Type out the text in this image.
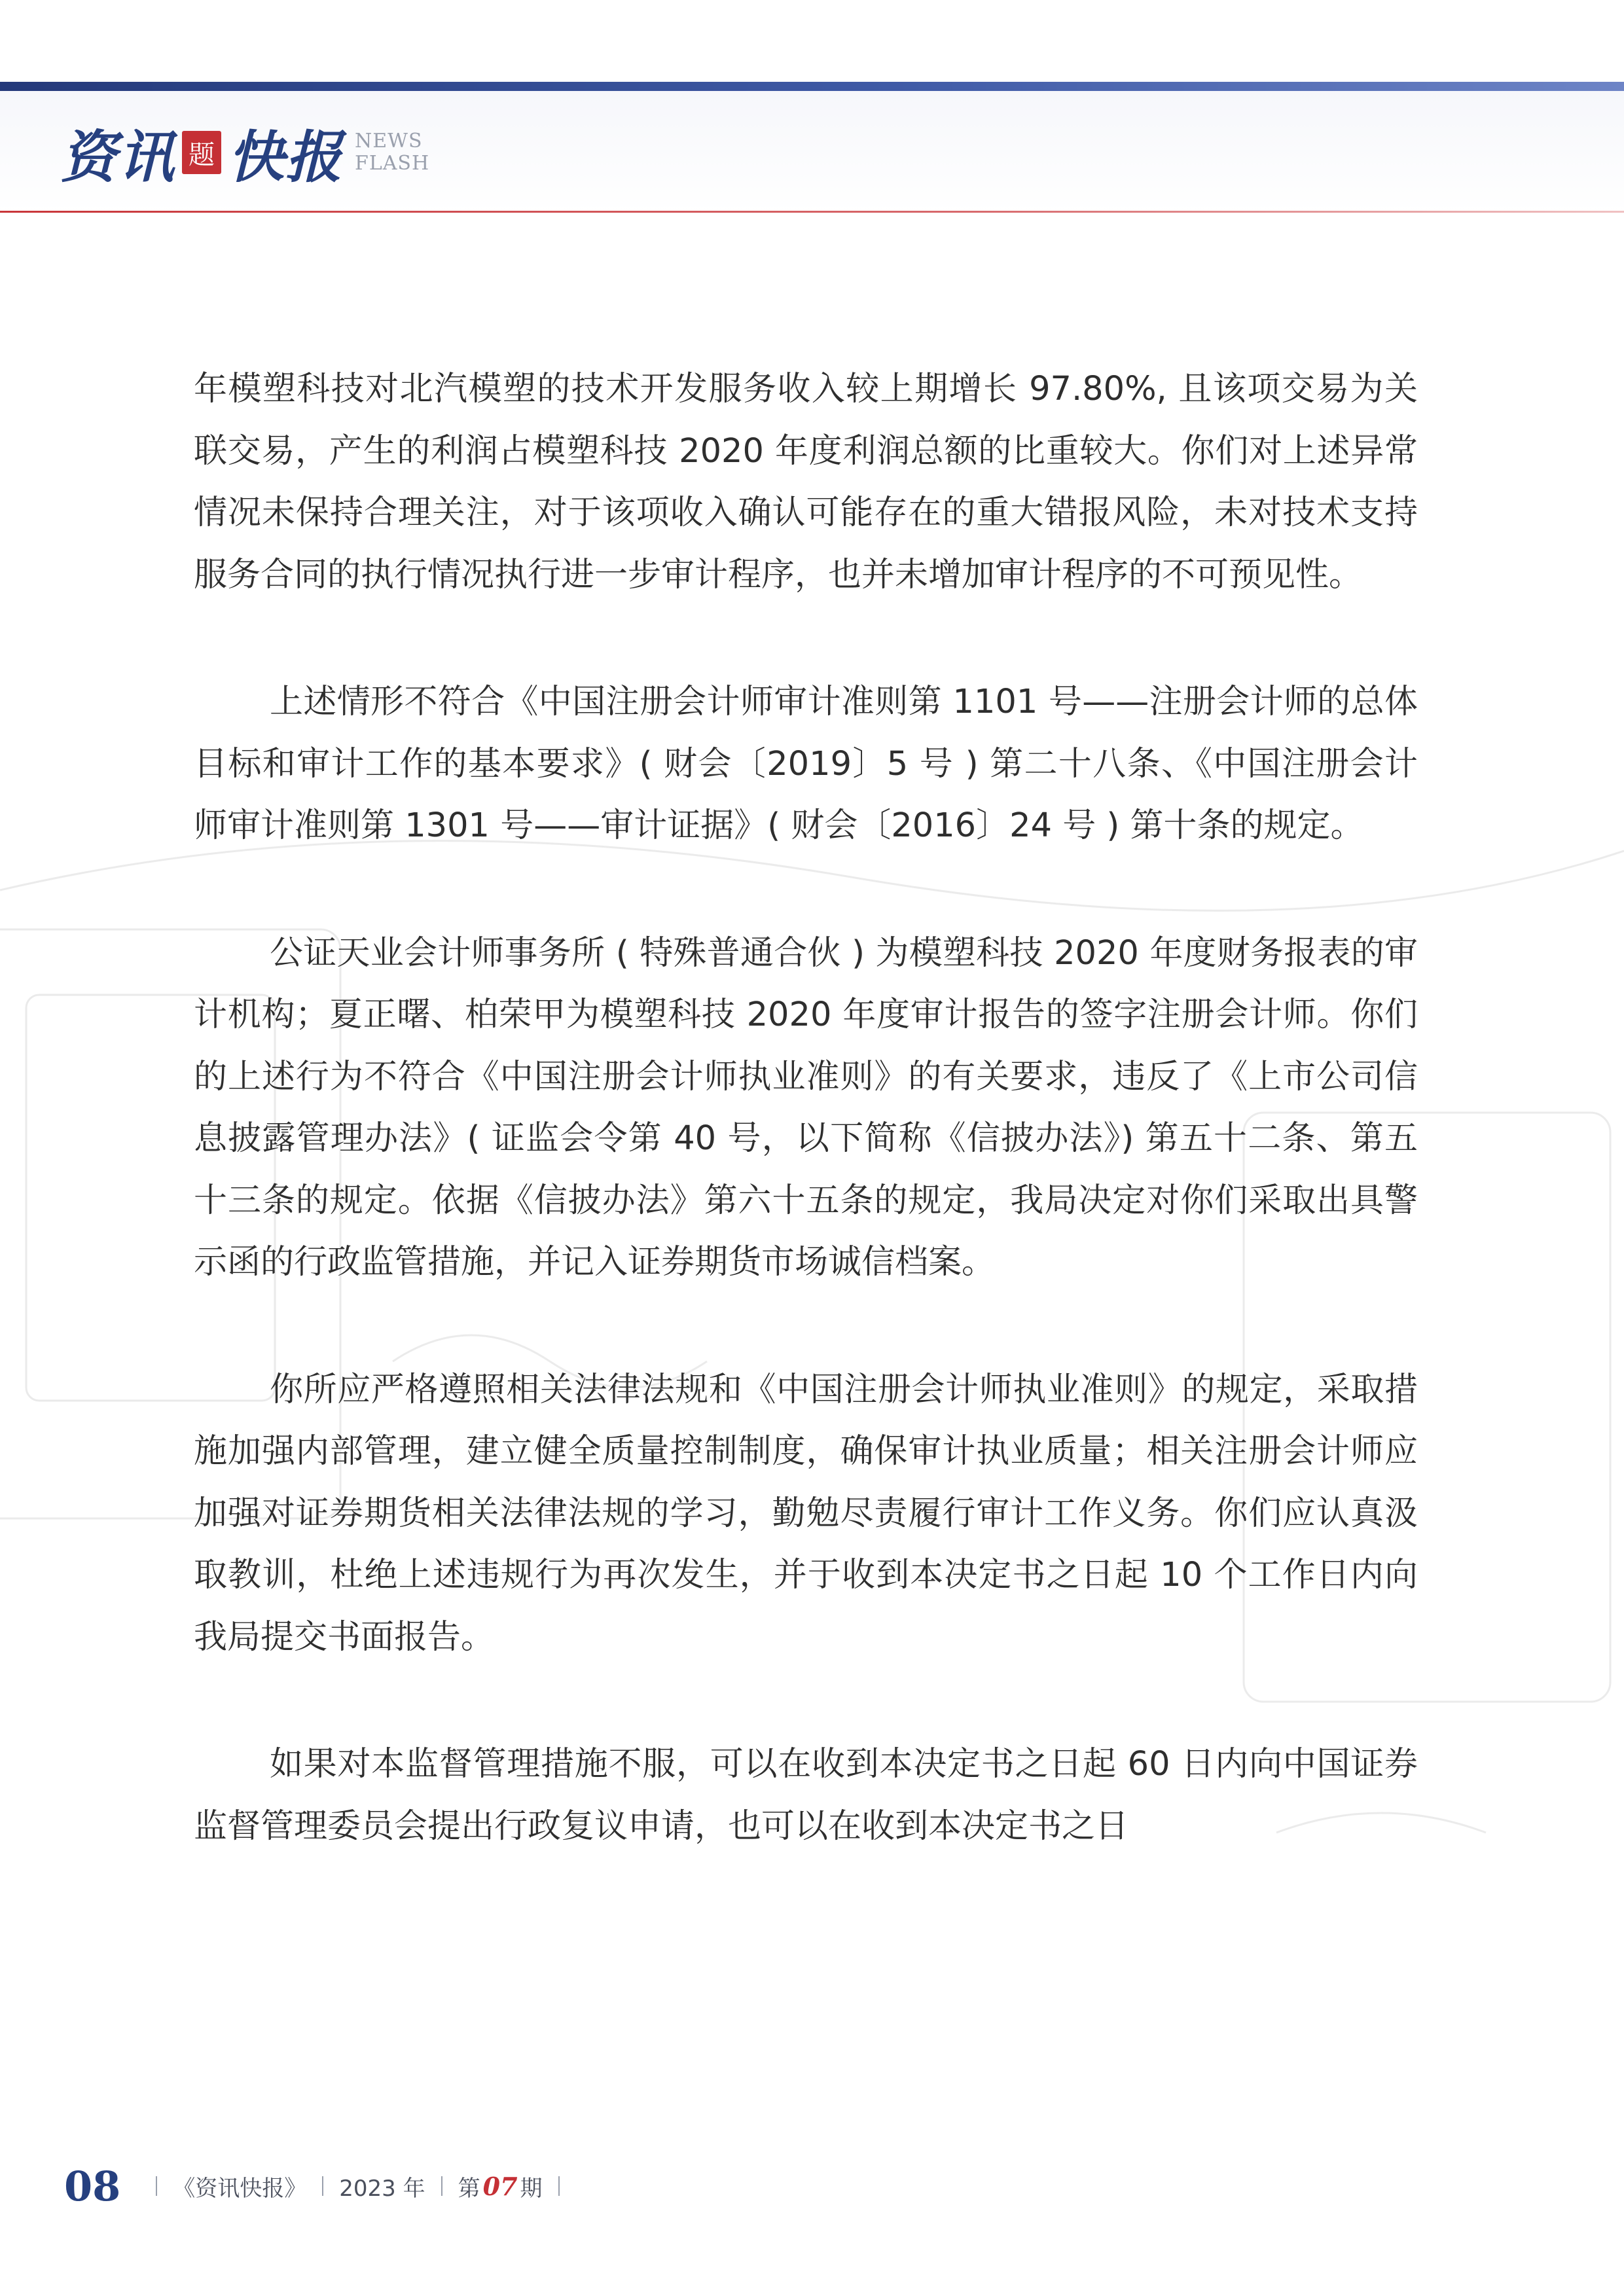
资讯 题 快报 NEWS
FLASH

年模塑科技对北汽模塑的技术开发服务收入较上期增长 97.80%, 且该项交易为关联交易，产生的利润占模塑科技 2020 年度利润总额的比重较大。你们对上述异常情况未保持合理关注，对于该项收入确认可能存在的重大错报风险，未对技术支持服务合同的执行情况执行进一步审计程序，也并未增加审计程序的不可预见性。

上述情形不符合《中国注册会计师审计准则第 1101 号——注册会计师的总体目标和审计工作的基本要求》( 财会〔2019〕5 号 ) 第二十八条、《中国注册会计师审计准则第 1301 号——审计证据》( 财会〔2016〕24 号 ) 第十条的规定。

公证天业会计师事务所 ( 特殊普通合伙 ) 为模塑科技 2020 年度财务报表的审计机构；夏正曙、柏荣甲为模塑科技 2020 年度审计报告的签字注册会计师。你们的上述行为不符合《中国注册会计师执业准则》的有关要求，违反了《上市公司信息披露管理办法》( 证监会令第 40 号，以下简称《信披办法》) 第五十二条、第五十三条的规定。依据《信披办法》第六十五条的规定，我局决定对你们采取出具警示函的行政监管措施，并记入证券期货市场诚信档案。

你所应严格遵照相关法律法规和《中国注册会计师执业准则》的规定，采取措施加强内部管理，建立健全质量控制制度，确保审计执业质量；相关注册会计师应加强对证券期货相关法律法规的学习，勤勉尽责履行审计工作义务。你们应认真汲取教训，杜绝上述违规行为再次发生，并于收到本决定书之日起 10 个工作日内向我局提交书面报告。

如果对本监督管理措施不服，可以在收到本决定书之日起 60 日内向中国证券监督管理委员会提出行政复议申请，也可以在收到本决定书之日

08 《资讯快报》 2023 年 第 07 期
